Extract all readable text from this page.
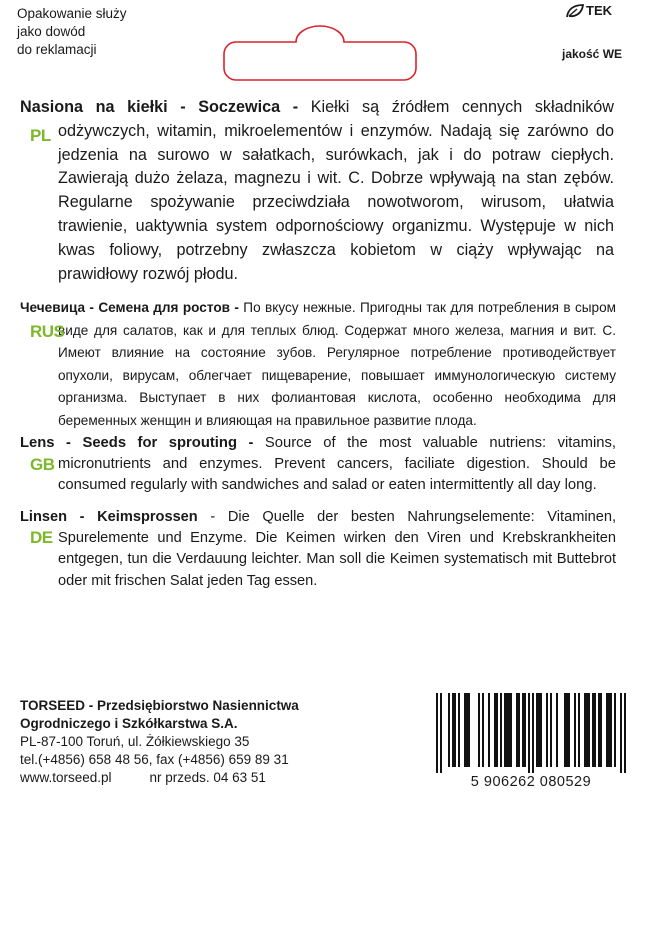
Opakowanie służy
jako dowód
do reklamacji
TEK
jakość WE
PL

Nasiona na kiełki - Soczewica - Kiełki są źródłem cennych składników odżywczych, witamin, mikroelementów i enzymów. Nadają się zarówno do jedzenia na surowo w sałatkach, surówkach, jak i do potraw ciepłych. Zawierają dużo żelaza, magnezu i wit. C. Dobrze wpływają na stan zębów. Regularne spożywanie przeciwdziała nowotworom, wirusom, ułatwia trawienie, uaktywnia system odpornościowy organizmu. Występuje w nich kwas foliowy, potrzebny zwłaszcza kobietom w ciąży wpływając na prawidłowy rozwój płodu.

RUS

Чечевица - Семена для ростов - По вкусу нежные. Пригодны так для потребления в сыром виде для салатов, как и для теплых блюд. Содержат много железа, магния и вит. С. Имеют влияние на состояние зубов. Регулярное потребление противодействует опухоли, вирусам, облегчает пищеварение, повышает иммунологическую систему организма. Выступает в них фолиантовая кислота, особенно необходима для беременных женщин и влияющая на правильное развитие плода.

GB

Lens - Seeds for sprouting - Source of the most valuable nutriens: vitamins, micronutrients and enzymes. Prevent cancers, faciliate digestion. Should be consumed regularly with sandwiches and salad or eaten intermittently all day long.

DE

Linsen - Keimsprossen - Die Quelle der besten Nahrungselemente: Vitaminen, Spurelemente und Enzyme. Die Keimen wirken den Viren und Krebskrankheiten entgegen, tun die Verdauung leichter. Man soll die Keimen systematisch mit Buttebrot oder mit frischen Salat jeden Tag essen.

TORSEED - Przedsiębiorstwo Nasiennictwa
Ogrodniczego i Szkółkarstwa S.A.
PL-87-100 Toruń, ul. Żółkiewskiego 35
tel.(+4856) 658 48 56, fax (+4856) 659 89 31
www.torseed.pl	nr przeds. 04 63 51	5 906262 080529
